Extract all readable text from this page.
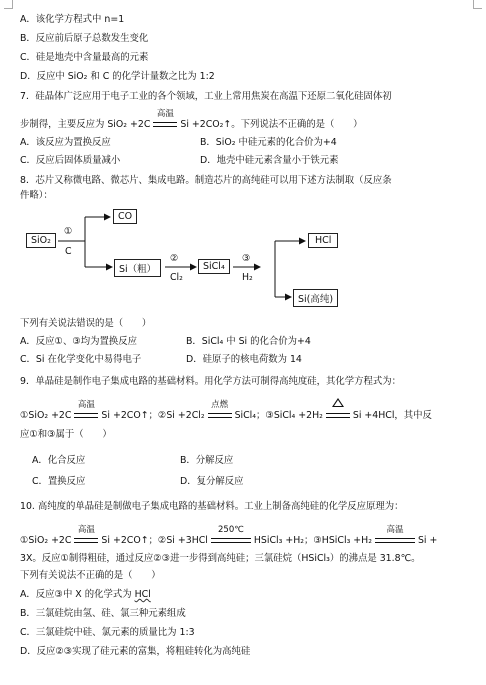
A．该化学方程式中 n=1
B．反应前后原子总数发生变化
C．硅是地壳中含量最高的元素
D．反应中 SiO₂ 和 C 的化学计量数之比为 1:2
7．硅晶体广泛应用于电子工业的各个领域，工业上常用焦炭在高温下还原二氧化硅固体初
步制得，主要反应为 SiO₂ +2C
高温
Si +2CO₂↑。下列说法不正确的是（　　）
A．该反应为置换反应	B．SiO₂ 中硅元素的化合价为+4
C．反应后固体质量减小	D．地壳中硅元素含量小于铁元素
8．芯片又称微电路、微芯片、集成电路。制造芯片的高纯硅可以用下述方法制取（反应条
件略）：
SiO₂
①
C
CO
Si（粗）
②
Cl₂
SiCl₄
③
H₂
HCl
Si(高纯)
下列有关说法错误的是（　　）
A．反应①、③均为置换反应	B．SiCl₄ 中 Si 的化合价为+4
C．Si 在化学变化中易得电子	D．硅原子的核电荷数为 14
9．单晶硅是制作电子集成电路的基础材料。用化学方法可制得高纯度硅，其化学方程式为：
①SiO₂ +2C
高温
Si +2CO↑；②Si +2Cl₂
点燃
SiCl₄；③SiCl₄ +2H₂	Si +4HCl，其中反
应①和③属于（　　）
A．化合反应	B．分解反应
C．置换反应	D．复分解反应
10. 高纯度的单晶硅是制做电子集成电路的基础材料。工业上制备高纯硅的化学反应原理为：
①SiO₂ +2C
高温
Si +2CO↑；②Si +3HCl
250℃
HSiCl₃ +H₂；③HSiCl₃ +H₂
高温
Si +
3X。反应①制得粗硅，通过反应②③进一步得到高纯硅；三氯硅烷（HSiCl₃）的沸点是 31.8℃。
下列有关说法不正确的是（　　）
A．反应③中 X 的化学式为 HCl
B．三氯硅烷由氢、硅、氯三种元素组成
C．三氯硅烷中硅、氯元素的质量比为 1:3
D．反应②③实现了硅元素的富集，将粗硅转化为高纯硅
